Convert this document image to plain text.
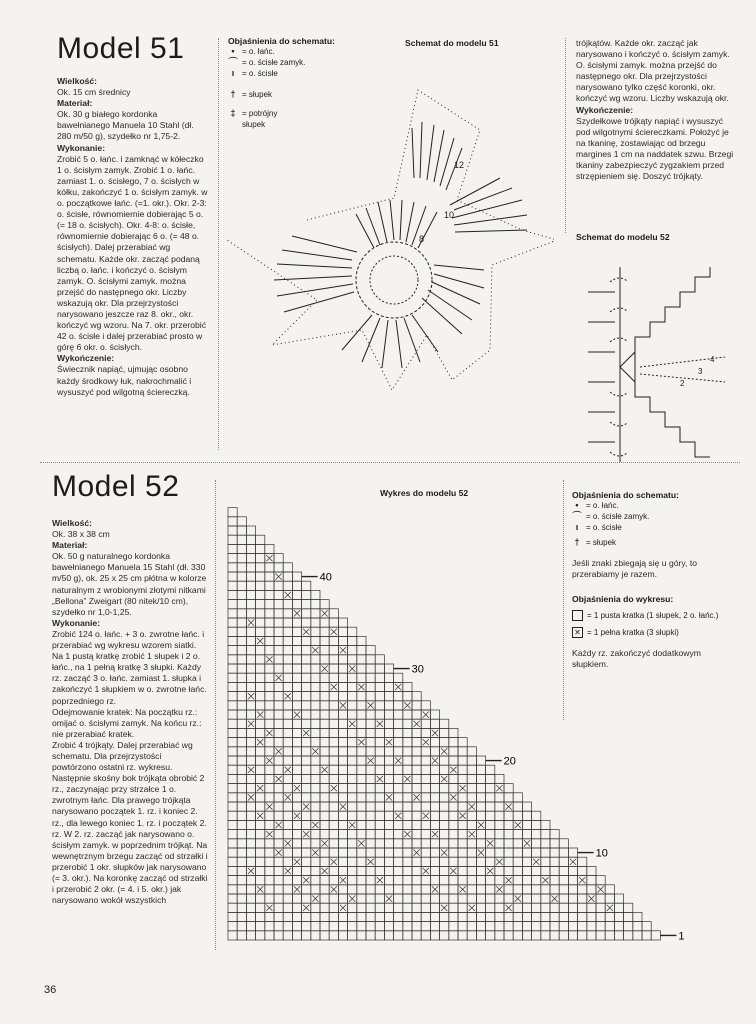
Model 51

Wielkość:

Ok. 15 cm średnicy

Materiał:

Ok. 30 g białego kordonka bawełnianego Manuela 10 Stahl (dł. 280 m/50 g), szydełko nr 1,75-2.

Wykonanie:

Zrobić 5 o. łańc. i zamknąć w kółeczko 1 o. ścisłym zamyk. Zrobić 1 o. łańc. zamiast 1. o. ścisłego, 7 o. ścisłych w kółku, zakończyć 1 o. ścisłym zamyk. w o. początkowe łańc. (=1. okr.). Okr. 2-3: o. ścisłe, równomiernie dobierając 5 o. (= 18 o. ścisłych). Okr. 4-8: o. ścisłe, równomiernie dobierając 6 o. (= 48 o. ścisłych). Dalej przerabiać wg schematu. Każde okr. zacząć podaną liczbą o. łańc. i kończyć o. ścisłym zamyk. O. ścisłymi zamyk. można przejść do następnego okr. Liczby wskazują okr. Dla przejrzystości narysowano jeszcze raz 8. okr., okr. kończyć wg wzoru. Na 7. okr. przerobić 42 o. ścisłe i dalej przerabiać prosto w górę 6 okr. o. ścisłych.

Wykończenie:

Świecznik napiąć, ujmując osobno każdy środkowy łuk, nakrochmalić i wysuszyć pod wilgotną ściereczką.

Objaśnienia do schematu:
• = o. łańc.
⌒ = o. ścisłe zamyk.
ı = o. ścisłe
† = słupek
‡ = potrójny słupek
Schemat do modelu 51
12
10
8

trójkątów. Każde okr. zacząć jak narysowano i kończyć o. ścisłym zamyk. O. ścisłymi zamyk. można przejść do następnego okr. Dla przejrzystości narysowano tylko część koronki, okr. kończyć wg wzoru. Liczby wskazują okr.

Wykończenie:

Szydełkowe trójkąty napiąć i wysuszyć pod wilgotnymi ściereczkami. Położyć je na tkaninę, zostawiając od brzegu margines 1 cm na naddatek szwu. Brzegi tkaniny zabezpieczyć zygzakiem przed strzępieniem się. Doszyć trójkąty.

Schemat do modelu 52
4
3
2
Model 52

Wielkość:

Ok. 38 x 38 cm

Materiał:

Ok. 50 g naturalnego kordonka bawełnianego Manuela 15 Stahl (dł. 330 m/50 g), ok. 25 x 25 cm płótna w kolorze naturalnym z wrobionymi złotymi nitkami „Bellona” Zweigart (80 nitek/10 cm), szydełko nr 1,0-1,25.

Wykonanie:

Zrobić 124 o. łańc. + 3 o. zwrotne łańc. i przerabiać wg wykresu wzorem siatki. Na 1 pustą kratkę zrobić 1 słupek i 2 o. łańc., na 1 pełną kratkę 3 słupki. Każdy rz. zacząć 3 o. łańc. zamiast 1. słupka i zakończyć 1 słupkiem w o. zwrotne łańc. poprzedniego rz.

Odejmowanie kratek: Na początku rz.: omijać o. ścisłymi zamyk. Na końcu rz.: nie przerabiać kratek.

Zrobić 4 trójkąty. Dalej przerabiać wg schematu. Dla przejrzystości powtórzono ostatni rz. wykresu. Następnie skośny bok trójkąta obrobić 2 rz., zaczynając przy strzałce 1 o. zwrotnym łańc. Dla prawego trójkąta narysowano początek 1. rz. i koniec 2. rz., dla lewego koniec 1. rz. i początek 2. rz. W 2. rz. zacząć jak narysowano o. ścisłym zamyk. w poprzednim trójkąt. Na wewnętrznym brzegu zacząć od strzałki i przerobić 1 okr. słupków jak narysowano (= 3. okr.). Na koronkę zacząć od strzałki i przerobić 2 okr. (= 4. i 5. okr.) jak narysowano wokół wszystkich

Wykres do modelu 52
40
30
20
10
1
Objaśnienia do schematu:
• = o. łańc.
⌒ = o. ścisłe zamyk.
ı = o. ścisłe
† = słupek
Jeśli znaki zbiegają się u góry, to przerabiamy je razem.
Objaśnienia do wykresu:
= 1 pusta kratka (1 słupek, 2 o. łańc.)
✕ = 1 pełna kratka (3 słupki)
Każdy rz. zakończyć dodatkowym słupkiem.
36
